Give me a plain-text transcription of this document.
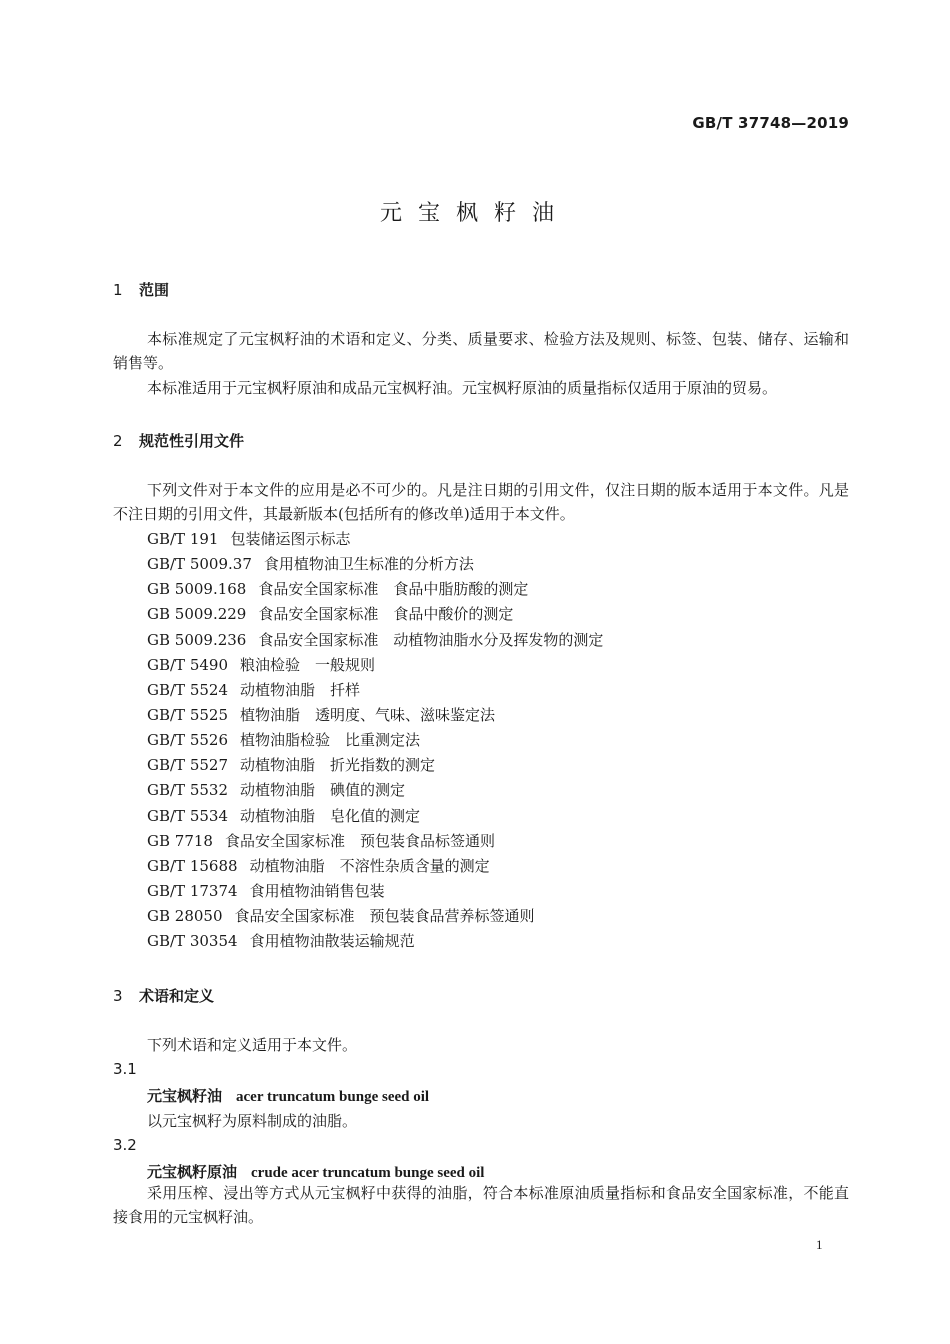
GB/T 37748—2019
元宝枫籽油
1 范围
本标准规定了元宝枫籽油的术语和定义、分类、质量要求、检验方法及规则、标签、包装、储存、运输和销售等。
本标准适用于元宝枫籽原油和成品元宝枫籽油。元宝枫籽原油的质量指标仅适用于原油的贸易。
2 规范性引用文件
下列文件对于本文件的应用是必不可少的。凡是注日期的引用文件，仅注日期的版本适用于本文件。凡是不注日期的引用文件，其最新版本(包括所有的修改单)适用于本文件。
GB/T 191 包装储运图示标志
GB/T 5009.37 食用植物油卫生标准的分析方法
GB 5009.168 食品安全国家标准　食品中脂肪酸的测定
GB 5009.229 食品安全国家标准　食品中酸价的测定
GB 5009.236 食品安全国家标准　动植物油脂水分及挥发物的测定
GB/T 5490 粮油检验　一般规则
GB/T 5524 动植物油脂　扦样
GB/T 5525 植物油脂　透明度、气味、滋味鉴定法
GB/T 5526 植物油脂检验　比重测定法
GB/T 5527 动植物油脂　折光指数的测定
GB/T 5532 动植物油脂　碘值的测定
GB/T 5534 动植物油脂　皂化值的测定
GB 7718 食品安全国家标准　预包装食品标签通则
GB/T 15688 动植物油脂　不溶性杂质含量的测定
GB/T 17374 食用植物油销售包装
GB 28050 食品安全国家标准　预包装食品营养标签通则
GB/T 30354 食用植物油散装运输规范
3 术语和定义
下列术语和定义适用于本文件。
3.1
元宝枫籽油 acer truncatum bunge seed oil
以元宝枫籽为原料制成的油脂。
3.2
元宝枫籽原油 crude acer truncatum bunge seed oil
采用压榨、浸出等方式从元宝枫籽中获得的油脂，符合本标准原油质量指标和食品安全国家标准，不能直接食用的元宝枫籽油。
1
